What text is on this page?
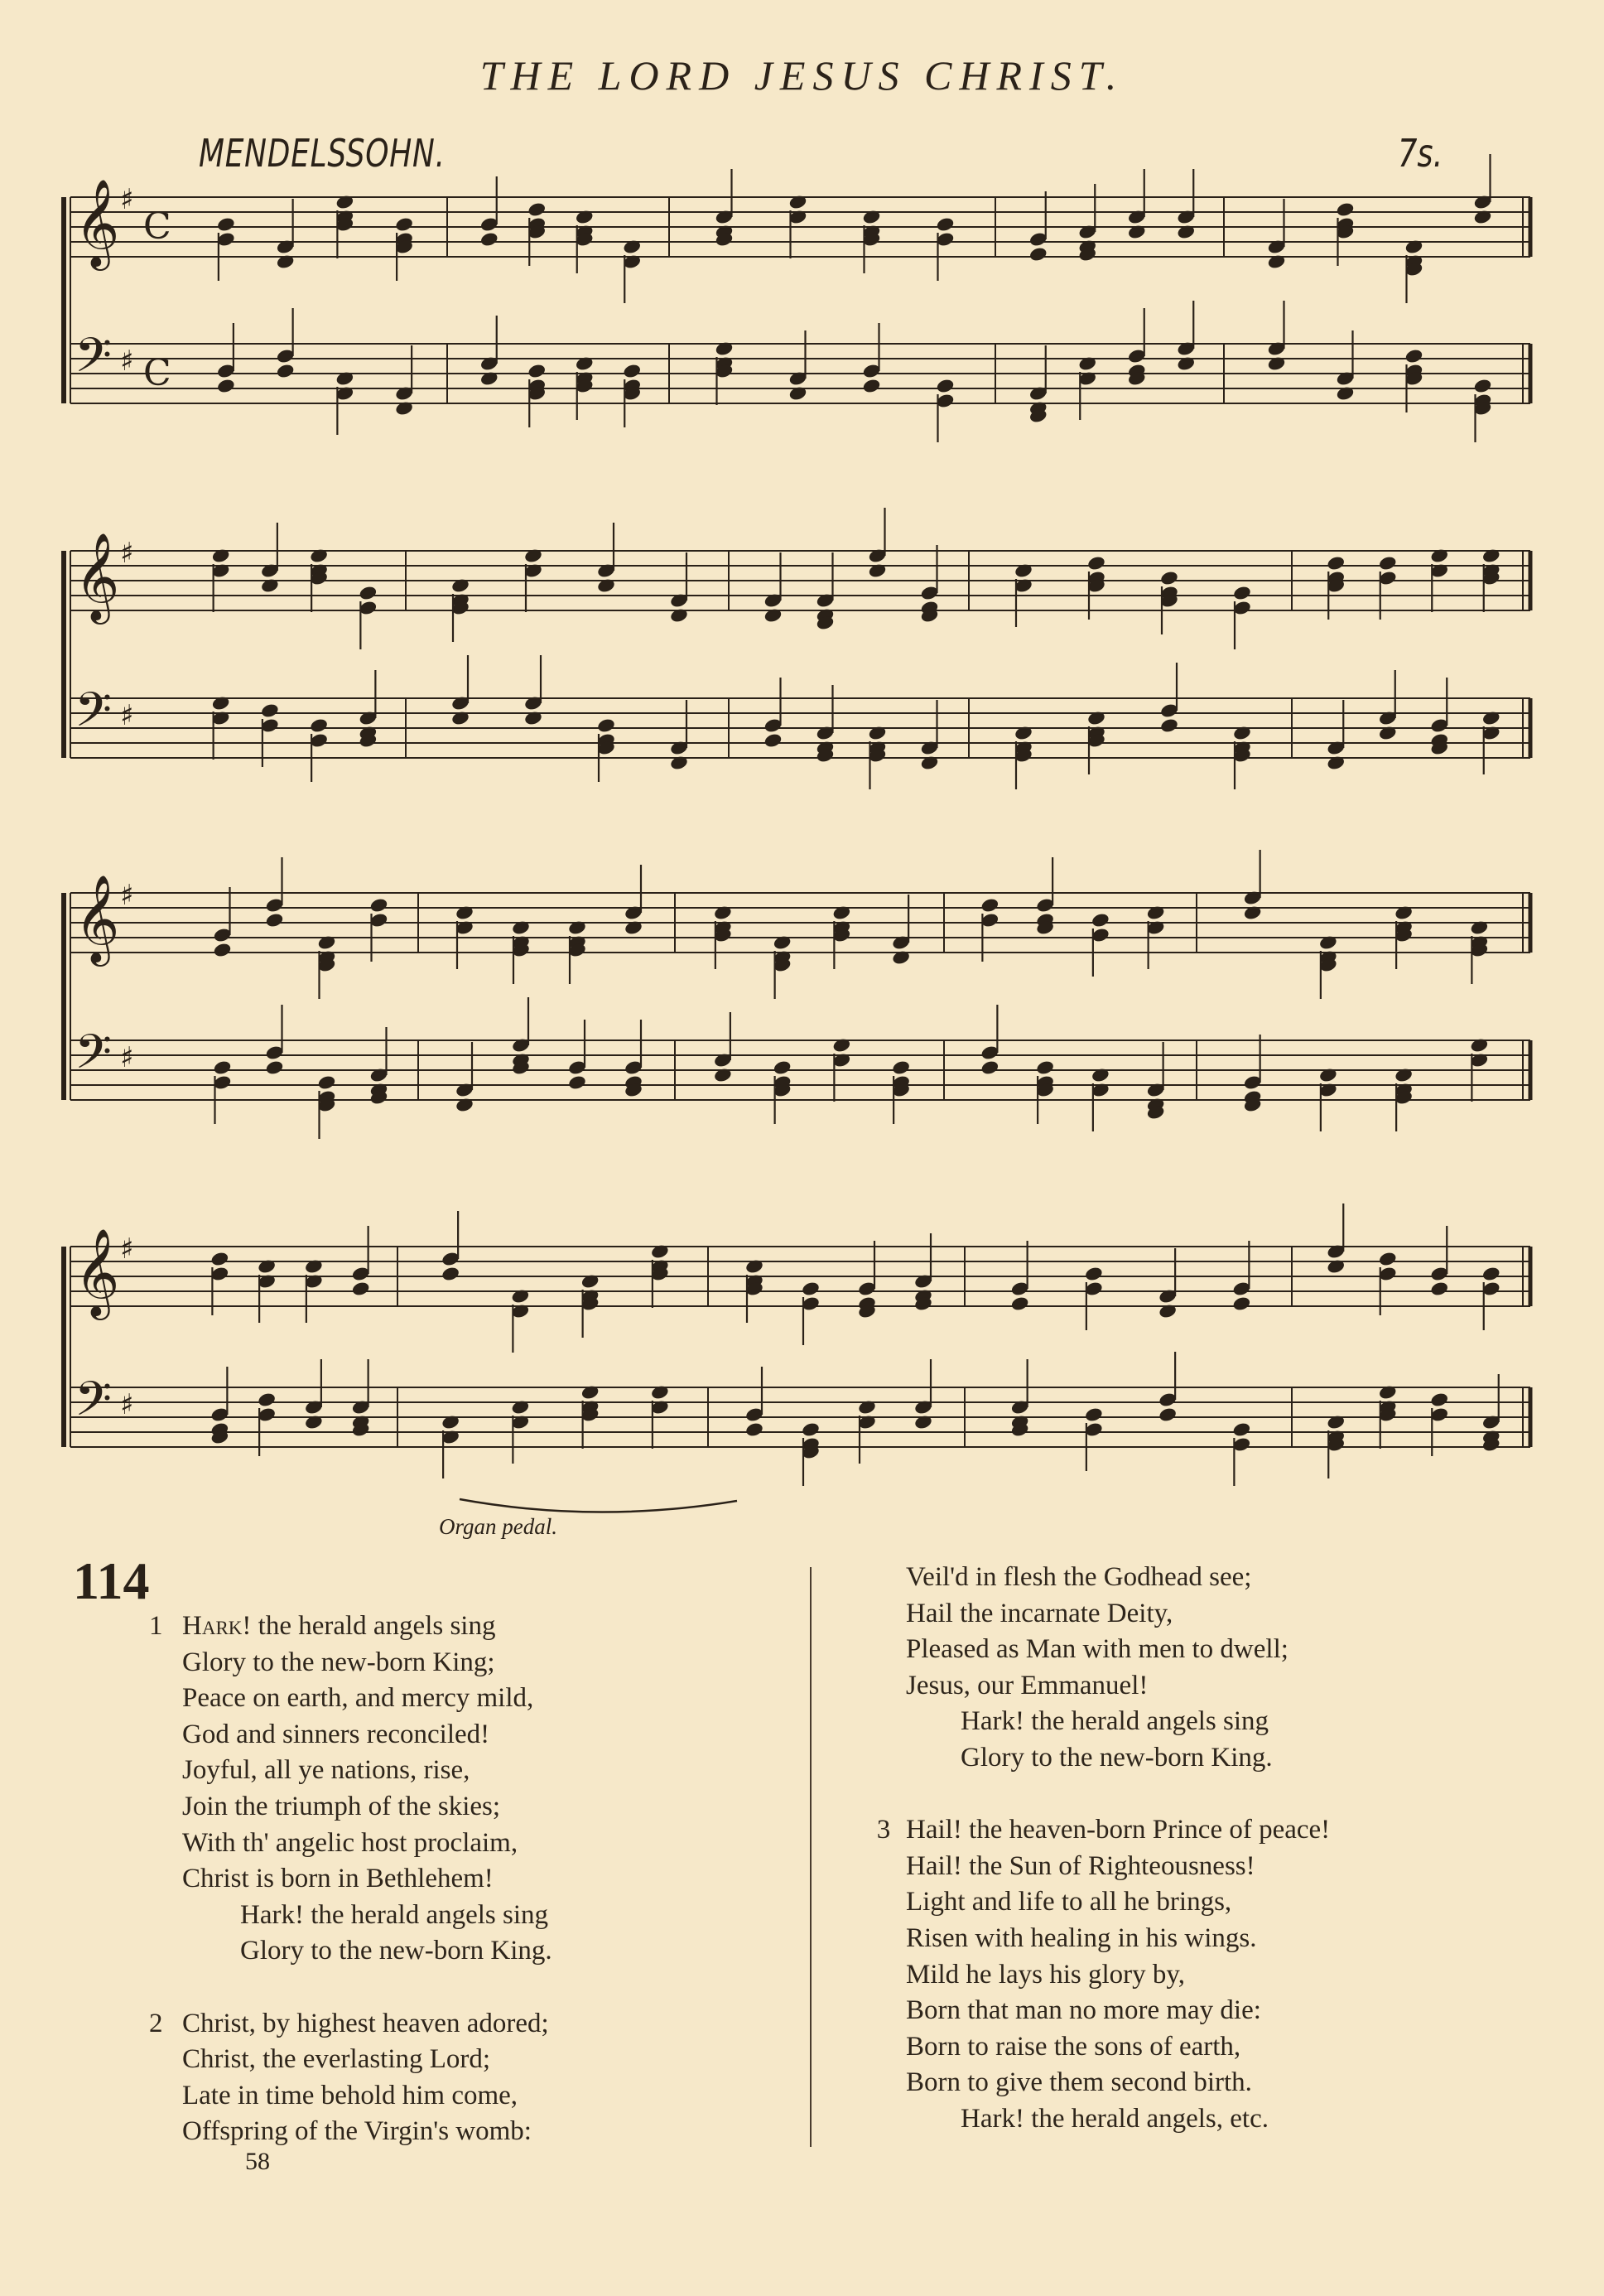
THE LORD JESUS CHRIST.
MENDELSSOHN.	7s.
𝄞 ♯
C
𝄢 ♯ C
𝄞 ♯
𝄢 ♯
𝄞 ♯
𝄢 ♯
𝄞 ♯
𝄢 ♯
Organ pedal.
114
1 Hark! the herald angels sing
Glory to the new-born King;
Peace on earth, and mercy mild,
God and sinners reconciled!
Joyful, all ye nations, rise,
Join the triumph of the skies;
With th' angelic host proclaim,
Christ is born in Bethlehem!
Hark! the herald angels sing
Glory to the new-born King.
2 Christ, by highest heaven adored;
Christ, the everlasting Lord;
Late in time behold him come,
Offspring of the Virgin's womb:
Veil'd in flesh the Godhead see;
Hail the incarnate Deity,
Pleased as Man with men to dwell;
Jesus, our Emmanuel!
Hark! the herald angels sing
Glory to the new-born King.
3 Hail! the heaven-born Prince of peace!
Hail! the Sun of Righteousness!
Light and life to all he brings,
Risen with healing in his wings.
Mild he lays his glory by,
Born that man no more may die:
Born to raise the sons of earth,
Born to give them second birth.
Hark! the herald angels, etc.
58
